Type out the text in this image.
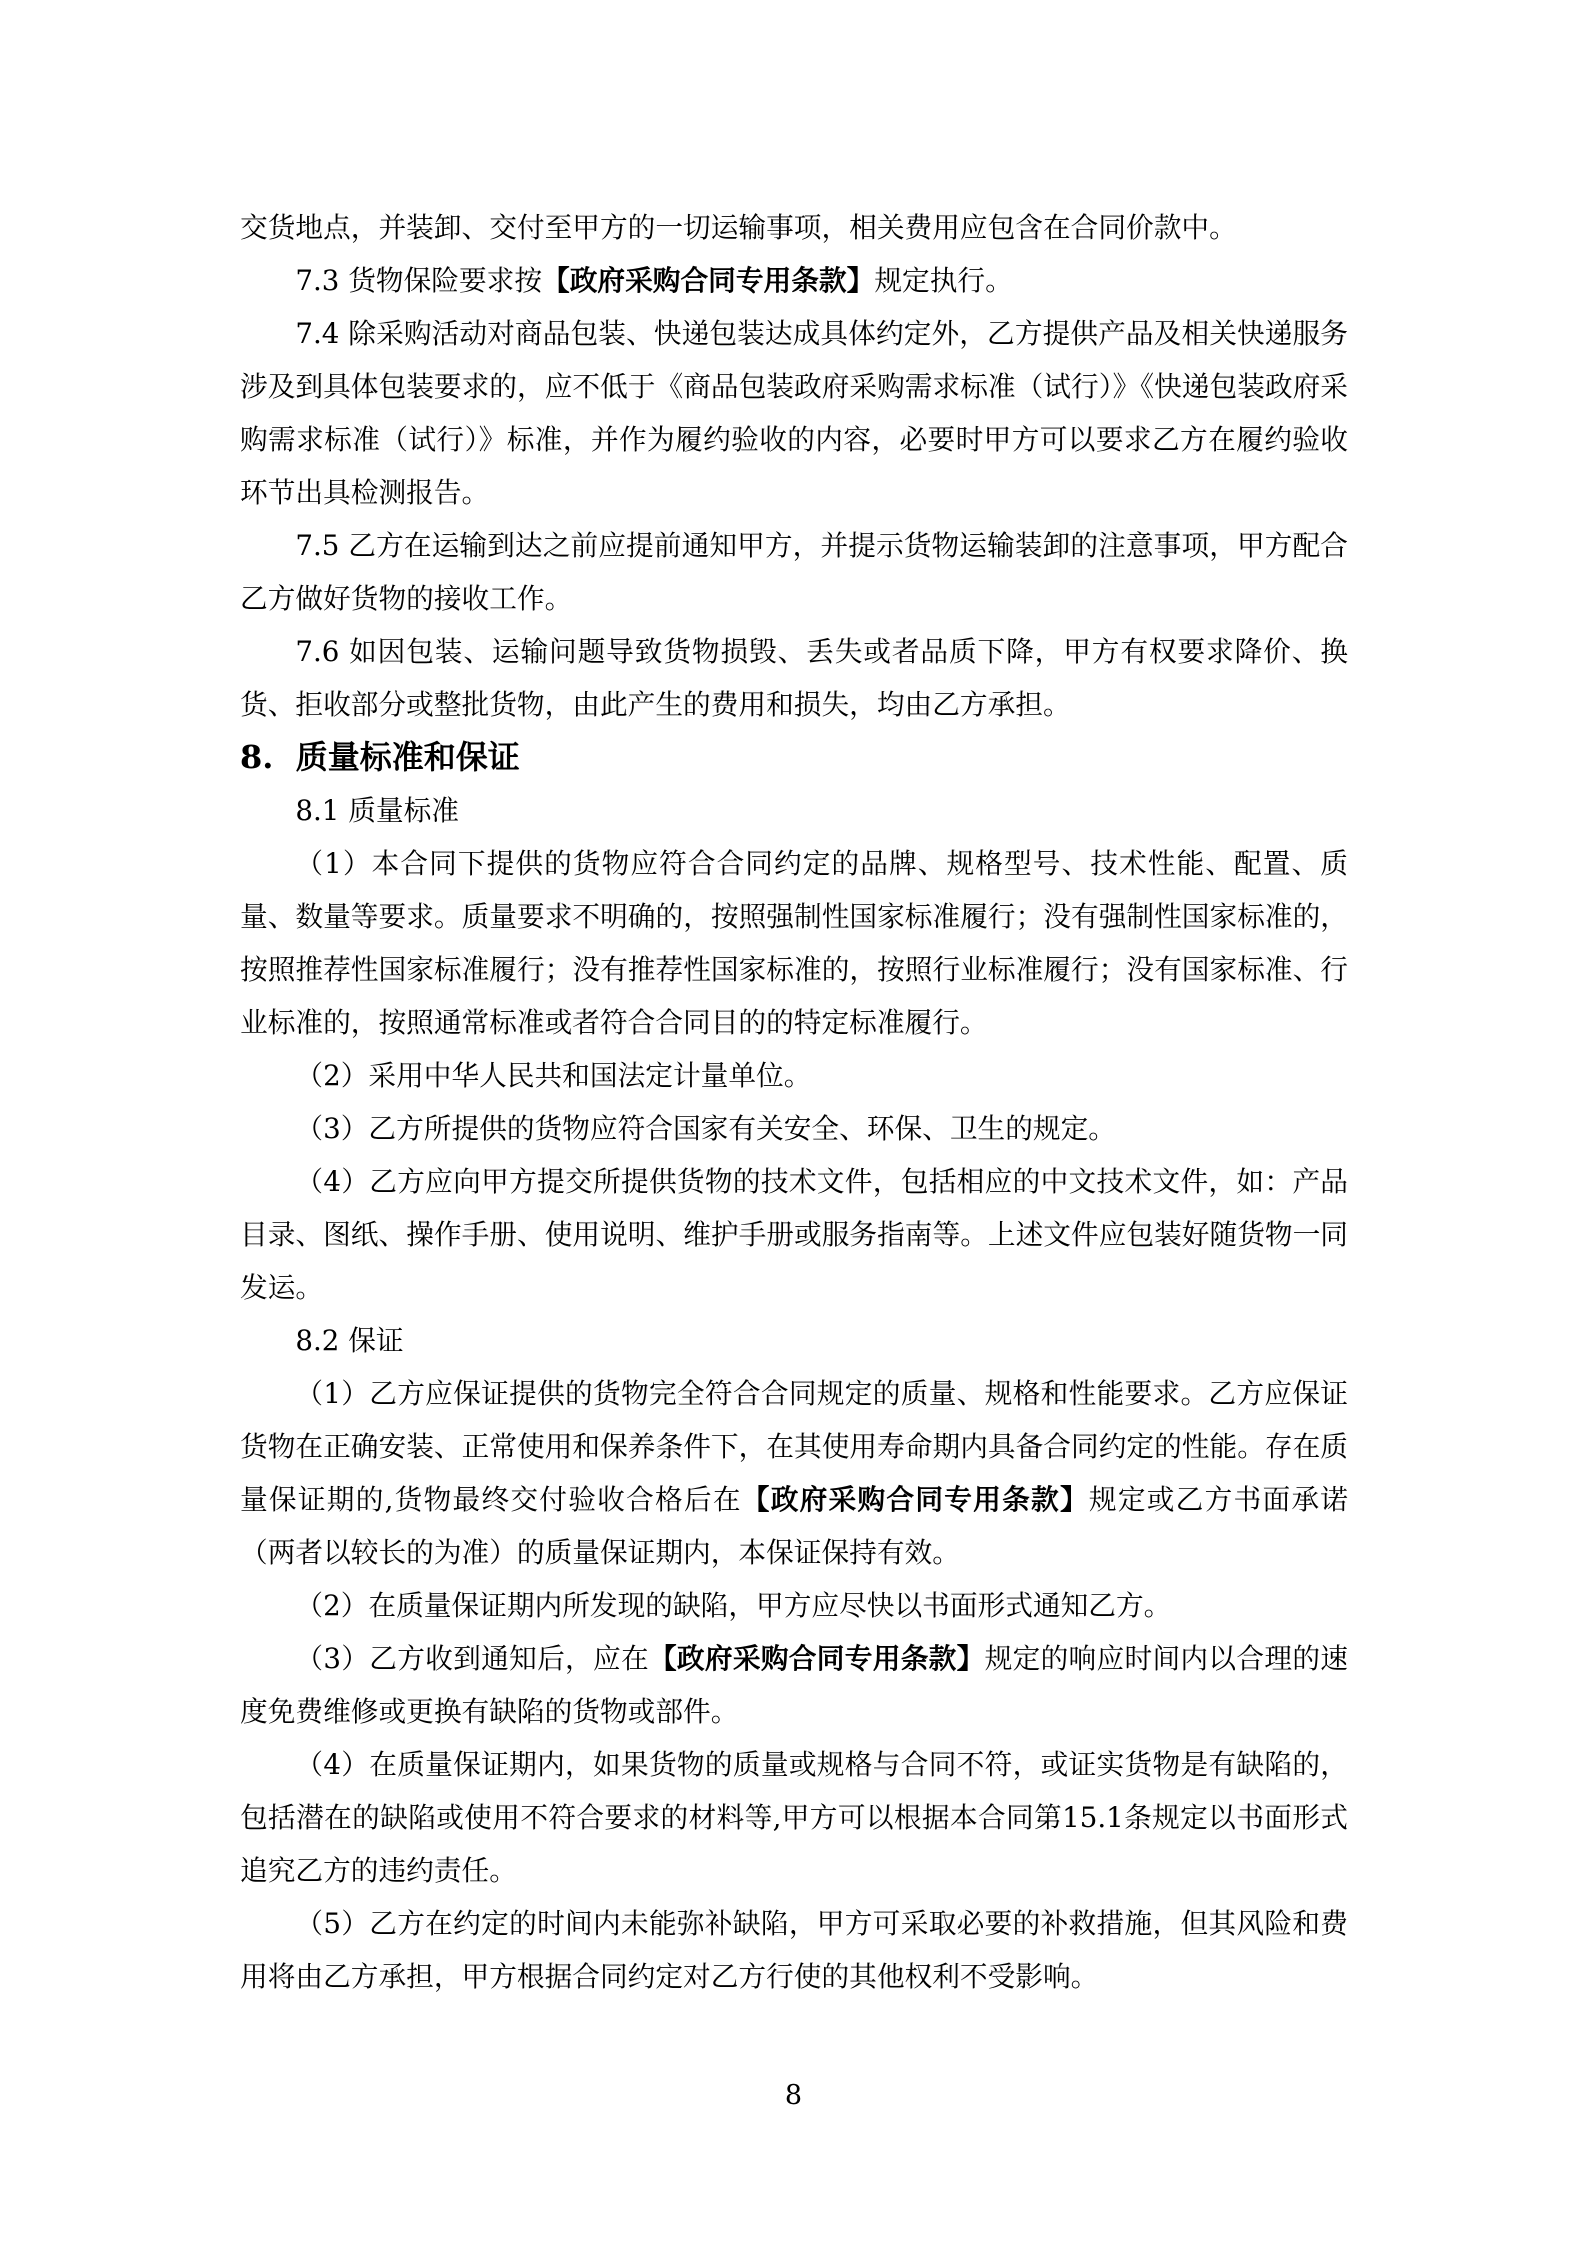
交货地点，并装卸、交付至甲方的一切运输事项，相关费用应包含在合同价款中。

7.3 货物保险要求按【政府采购合同专用条款】规定执行。

7.4 除采购活动对商品包装、快递包装达成具体约定外，乙方提供产品及相关快递服务涉及到具体包装要求的，应不低于《商品包装政府采购需求标准（试行）》《快递包装政府采购需求标准（试行）》标准，并作为履约验收的内容，必要时甲方可以要求乙方在履约验收环节出具检测报告。

7.5 乙方在运输到达之前应提前通知甲方，并提示货物运输装卸的注意事项，甲方配合乙方做好货物的接收工作。

7.6 如因包装、运输问题导致货物损毁、丢失或者品质下降，甲方有权要求降价、换货、拒收部分或整批货物，由此产生的费用和损失，均由乙方承担。

8.  质量标准和保证

8.1 质量标准

（1）本合同下提供的货物应符合合同约定的品牌、规格型号、技术性能、配置、质量、数量等要求。质量要求不明确的，按照强制性国家标准履行；没有强制性国家标准的，按照推荐性国家标准履行；没有推荐性国家标准的，按照行业标准履行；没有国家标准、行业标准的，按照通常标准或者符合合同目的的特定标准履行。

（2）采用中华人民共和国法定计量单位。

（3）乙方所提供的货物应符合国家有关安全、环保、卫生的规定。

（4）乙方应向甲方提交所提供货物的技术文件，包括相应的中文技术文件，如：产品目录、图纸、操作手册、使用说明、维护手册或服务指南等。上述文件应包装好随货物一同发运。

8.2 保证

（1）乙方应保证提供的货物完全符合合同规定的质量、规格和性能要求。乙方应保证货物在正确安装、正常使用和保养条件下，在其使用寿命期内具备合同约定的性能。存在质量保证期的,货物最终交付验收合格后在【政府采购合同专用条款】规定或乙方书面承诺（两者以较长的为准）的质量保证期内，本保证保持有效。

（2）在质量保证期内所发现的缺陷，甲方应尽快以书面形式通知乙方。

（3）乙方收到通知后，应在【政府采购合同专用条款】规定的响应时间内以合理的速度免费维修或更换有缺陷的货物或部件。

（4）在质量保证期内，如果货物的质量或规格与合同不符，或证实货物是有缺陷的，包括潜在的缺陷或使用不符合要求的材料等,甲方可以根据本合同第15.1条规定以书面形式追究乙方的违约责任。

（5）乙方在约定的时间内未能弥补缺陷，甲方可采取必要的补救措施，但其风险和费用将由乙方承担，甲方根据合同约定对乙方行使的其他权利不受影响。

8
